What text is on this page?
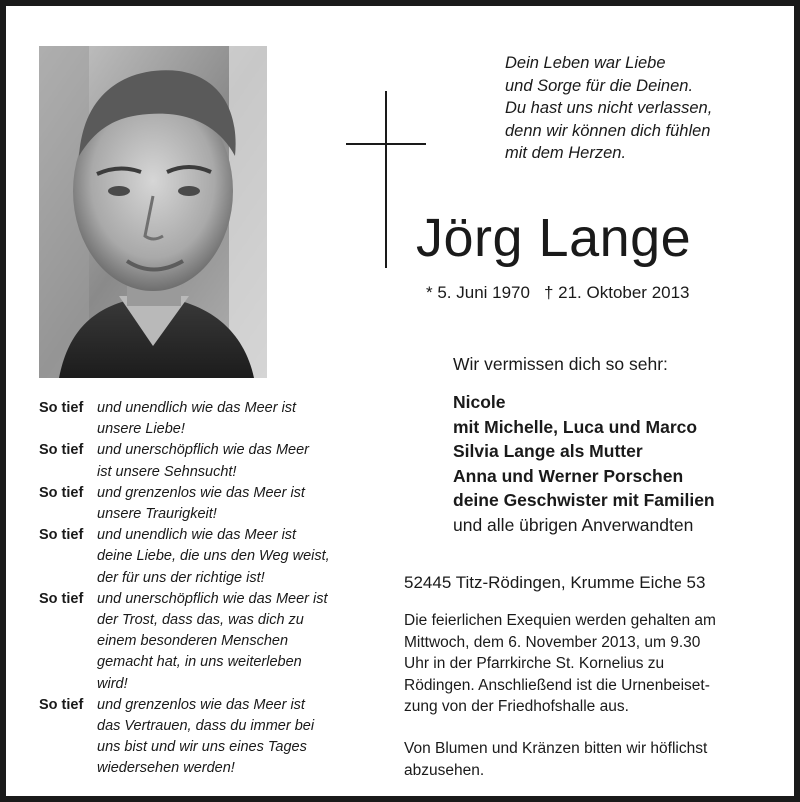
Dein Leben war Liebe
und Sorge für die Deinen.
Du hast uns nicht verlassen,
denn wir können dich fühlen
mit dem Herzen.
Jörg Lange
* 5. Juni 1970 † 21. Oktober 2013
Wir vermissen dich so sehr:
Nicole
mit Michelle, Luca und Marco
Silvia Lange als Mutter
Anna und Werner Porschen
deine Geschwister mit Familien
und alle übrigen Anverwandten
52445 Titz-Rödingen, Krumme Eiche 53
Die feierlichen Exequien werden gehalten am
Mittwoch, dem 6. November 2013, um 9.30
Uhr in der Pfarrkirche St. Kornelius zu
Rödingen. Anschließend ist die Urnenbeiset-
zung von der Friedhofshalle aus.
Von Blumen und Kränzen bitten wir höflichst
abzusehen.
So tief und unendlich wie das Meer ist
unsere Liebe!
So tief und unerschöpflich wie das Meer
ist unsere Sehnsucht!
So tief und grenzenlos wie das Meer ist
unsere Traurigkeit!
So tief und unendlich wie das Meer ist
deine Liebe, die uns den Weg weist,
der für uns der richtige ist!
So tief und unerschöpflich wie das Meer ist
der Trost, dass das, was dich zu
einem besonderen Menschen
gemacht hat, in uns weiterleben
wird!
So tief und grenzenlos wie das Meer ist
das Vertrauen, dass du immer bei
uns bist und wir uns eines Tages
wiedersehen werden!
